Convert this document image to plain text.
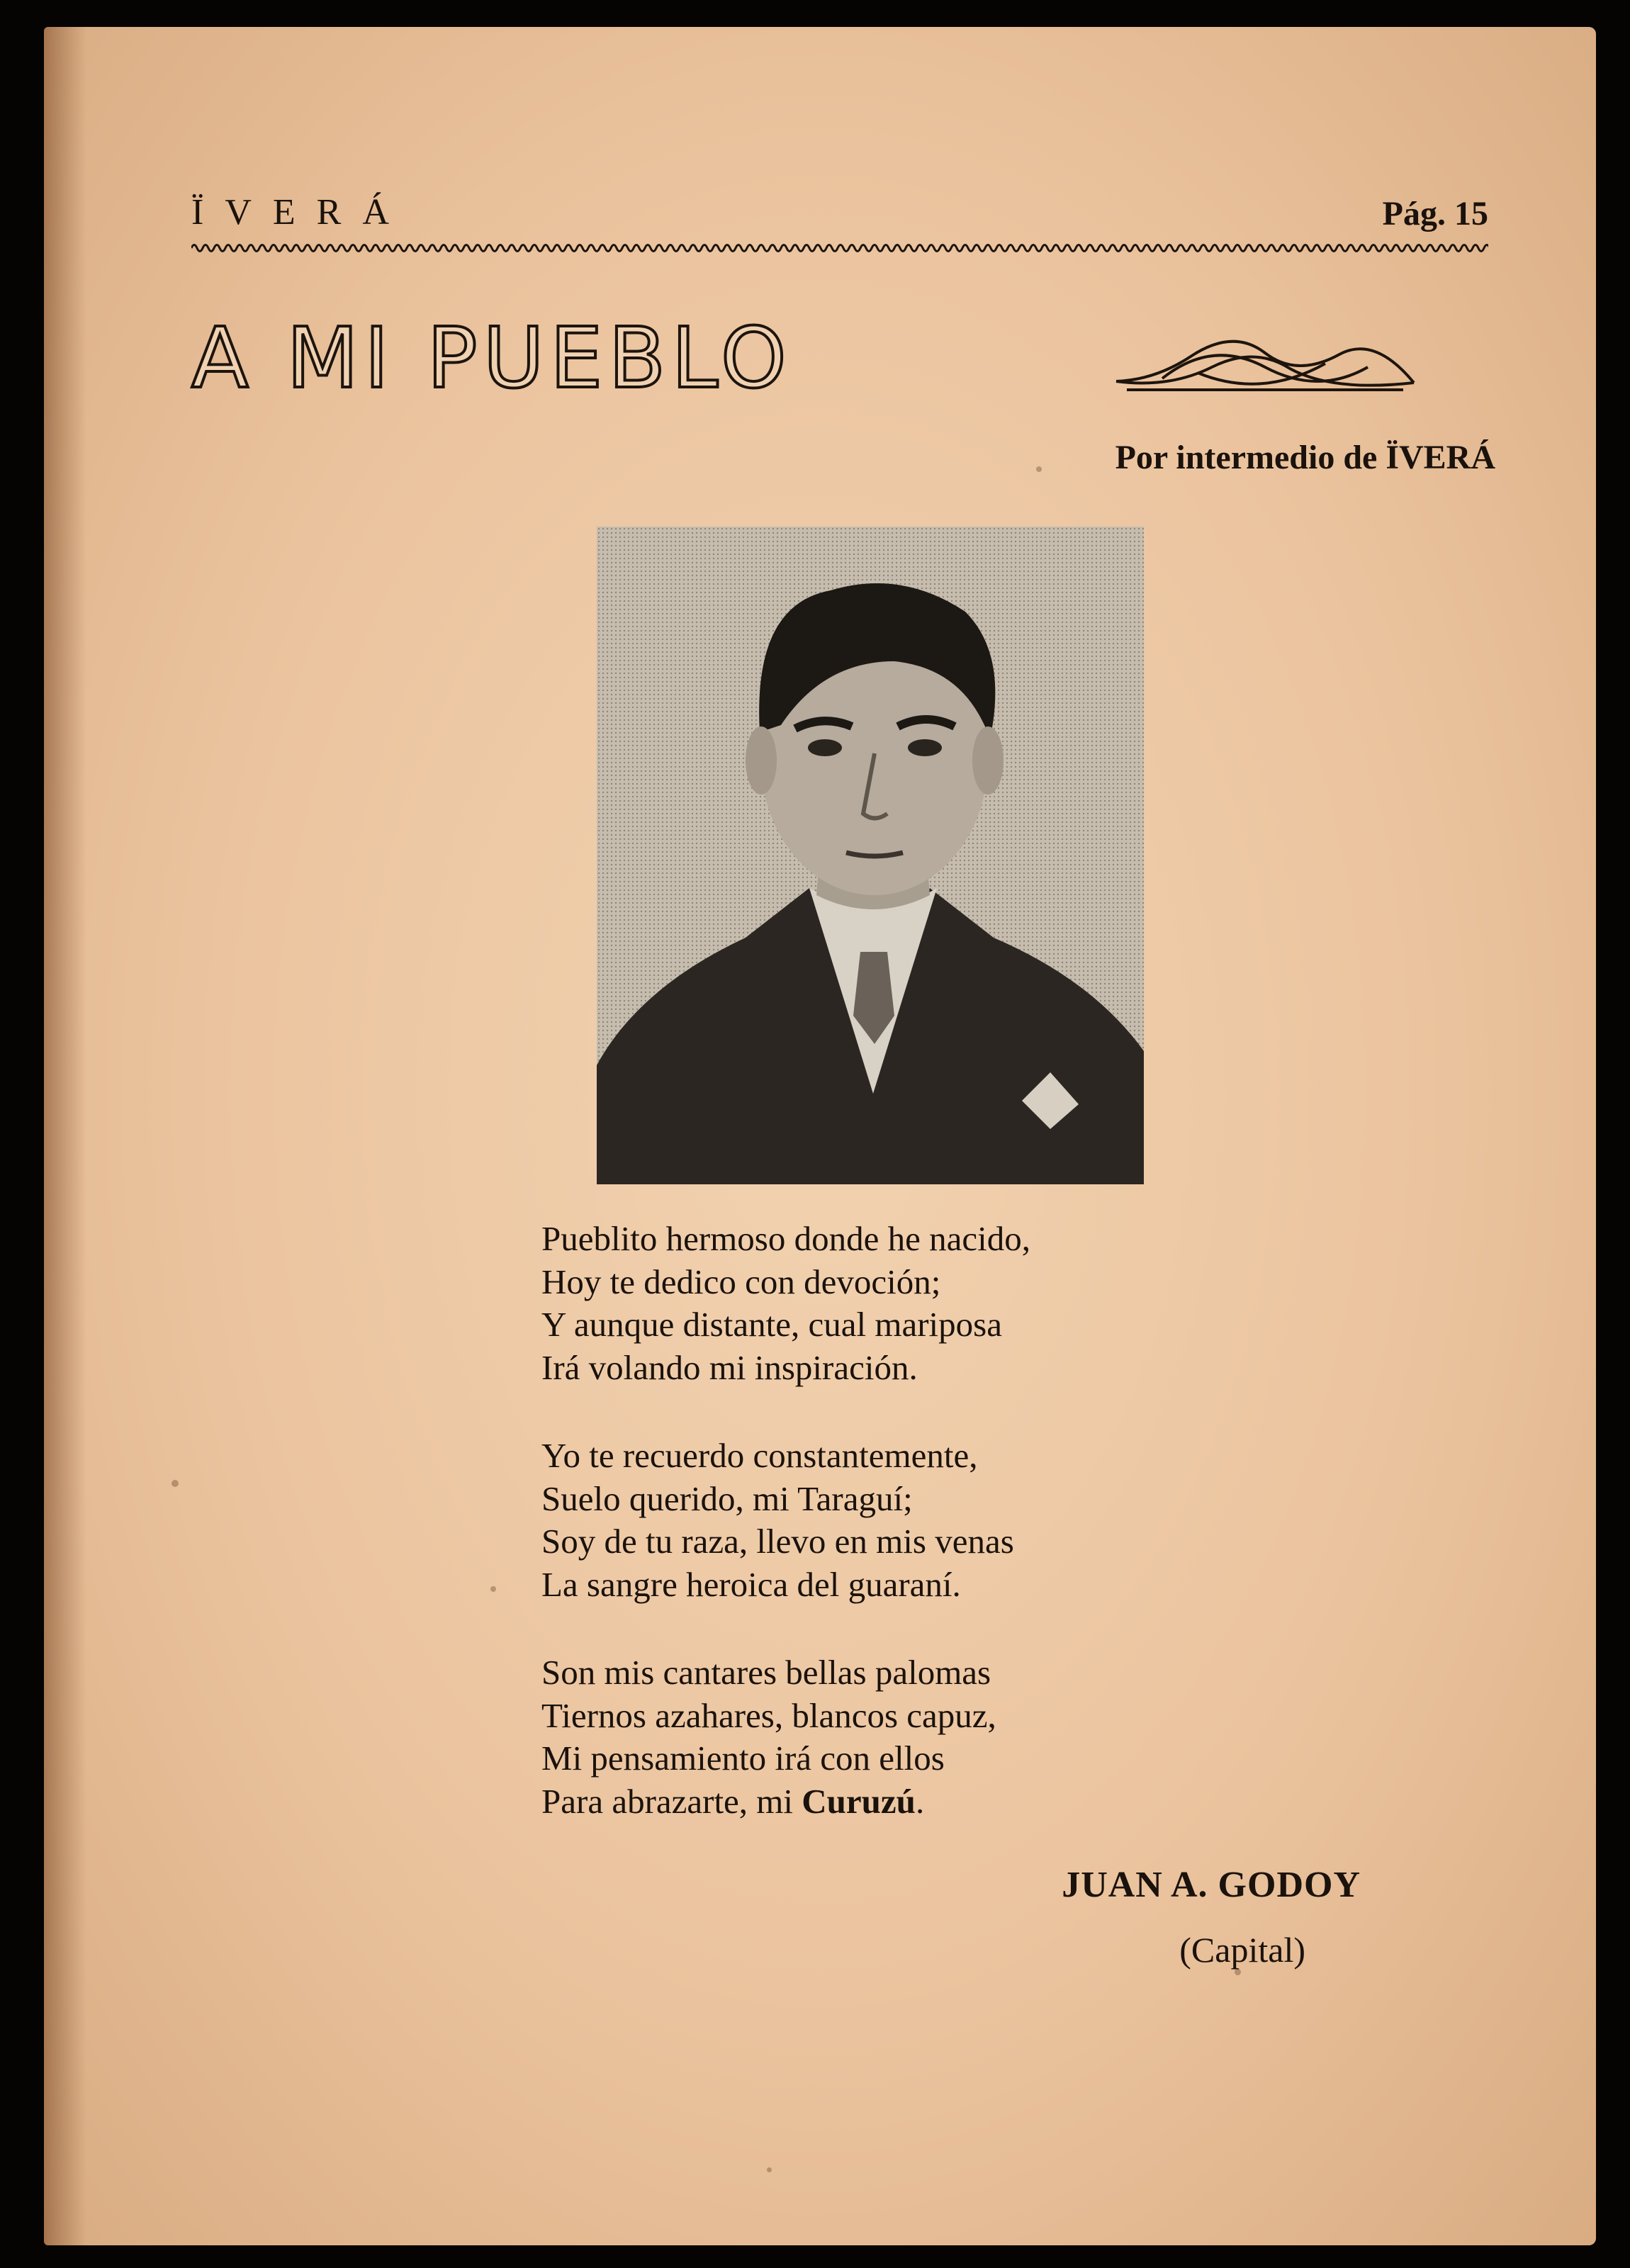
ÏVERÁ	Pág. 15
A MI PUEBLO
Por intermedio de ÏVERÁ
Pueblito hermoso donde he nacido,
Hoy te dedico con devoción;
Y aunque distante, cual mariposa
Irá volando mi inspiración.
Yo te recuerdo constantemente,
Suelo querido, mi Taraguí;
Soy de tu raza, llevo en mis venas
La sangre heroica del guaraní.
Son mis cantares bellas palomas
Tiernos azahares, blancos capuz,
Mi pensamiento irá con ellos
Para abrazarte, mi Curuzú.
JUAN A. GODOY
(Capital)
